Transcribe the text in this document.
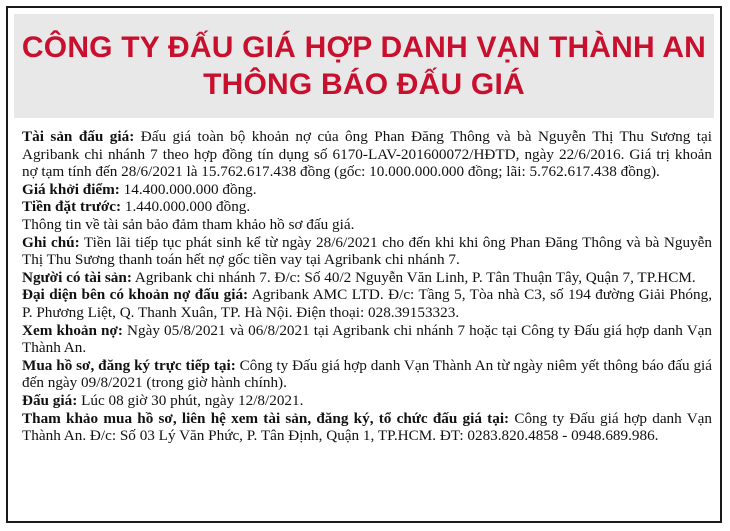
CÔNG TY ĐẤU GIÁ HỢP DANH VẠN THÀNH AN
THÔNG BÁO ĐẤU GIÁ

Tài sản đấu giá: Đấu giá toàn bộ khoản nợ của ông Phan Đăng Thông và bà Nguyễn Thị Thu Sương tại Agribank chi nhánh 7 theo hợp đồng tín dụng số 6170-LAV-201600072/HĐTD, ngày 22/6/2016. Giá trị khoản nợ tạm tính đến 28/6/2021 là 15.762.617.438 đồng (gốc: 10.000.000.000 đồng; lãi: 5.762.617.438 đồng).

Giá khởi điểm: 14.400.000.000 đồng.

Tiền đặt trước: 1.440.000.000 đồng.

Thông tin về tài sản bảo đảm tham khảo hồ sơ đấu giá.

Ghi chú: Tiền lãi tiếp tục phát sinh kể từ ngày 28/6/2021 cho đến khi khi ông Phan Đăng Thông và bà Nguyễn Thị Thu Sương thanh toán hết nợ gốc tiền vay tại Agribank chi nhánh 7.

Người có tài sản: Agribank chi nhánh 7. Đ/c: Số 40/2 Nguyễn Văn Linh, P. Tân Thuận Tây, Quận 7, TP.HCM.

Đại diện bên có khoản nợ đấu giá: Agribank AMC LTD. Đ/c: Tầng 5, Tòa nhà C3, số 194 đường Giải Phóng, P. Phương Liệt, Q. Thanh Xuân, TP. Hà Nội. Điện thoại: 028.39153323.

Xem khoản nợ: Ngày 05/8/2021 và 06/8/2021 tại Agribank chi nhánh 7 hoặc tại Công ty Đấu giá hợp danh Vạn Thành An.

Mua hồ sơ, đăng ký trực tiếp tại: Công ty Đấu giá hợp danh Vạn Thành An từ ngày niêm yết thông báo đấu giá đến ngày 09/8/2021 (trong giờ hành chính).

Đấu giá: Lúc 08 giờ 30 phút, ngày 12/8/2021.

Tham khảo mua hồ sơ, liên hệ xem tài sản, đăng ký, tổ chức đấu giá tại: Công ty Đấu giá hợp danh Vạn Thành An. Đ/c: Số 03 Lý Văn Phức, P. Tân Định, Quận 1, TP.HCM. ĐT: 0283.820.4858 - 0948.689.986.
